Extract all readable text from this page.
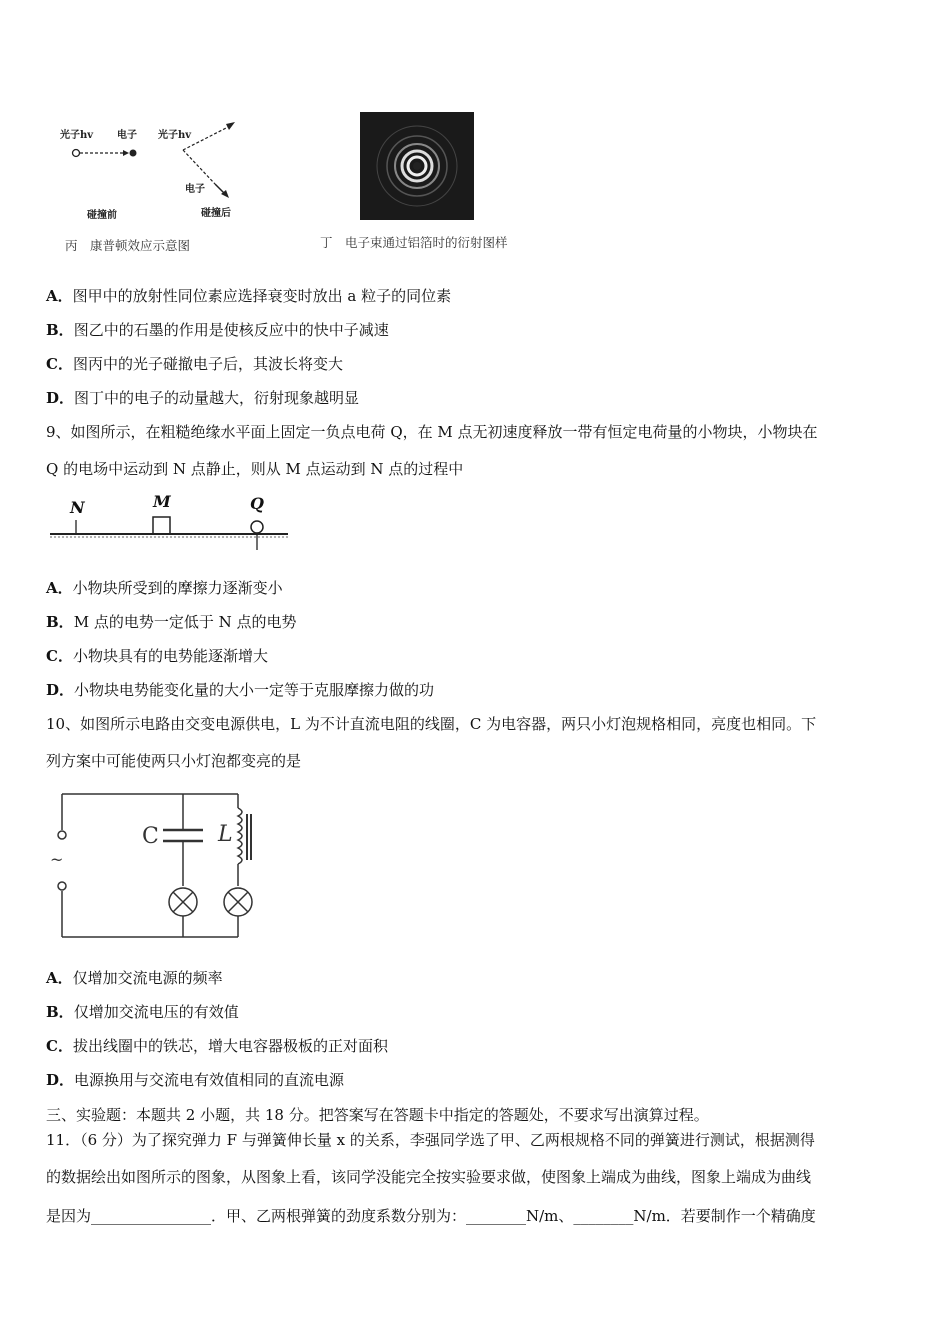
光子hv 电子
碰撞前
光子hv
电子
碰撞后
丙　康普顿效应示意图	丁　电子束通过铝箔时的衍射图样
A．图甲中的放射性同位素应选择衰变时放出 a 粒子的同位素
B．图乙中的石墨的作用是使核反应中的快中子减速
C．图丙中的光子碰撤电子后，其波长将变大
D．图丁中的电子的动量越大，衍射现象越明显
9、如图所示，在粗糙绝缘水平面上固定一负点电荷 Q，在 M 点无初速度释放一带有恒定电荷量的小物块，小物块在
Q 的电场中运动到 N 点静止，则从 M 点运动到 N 点的过程中
N	M	Q
A．小物块所受到的摩擦力逐渐变小
B．M 点的电势一定低于 N 点的电势
C．小物块具有的电势能逐渐增大
D．小物块电势能变化量的大小一定等于克服摩擦力做的功
10、如图所示电路由交变电源供电，L 为不计直流电阻的线圈，C 为电容器，两只小灯泡规格相同，亮度也相同。下
列方案中可能使两只小灯泡都变亮的是
C	L
~
A．仅增加交流电源的频率
B．仅增加交流电压的有效值
C．拔出线圈中的铁芯，增大电容器极板的正对面积
D．电源换用与交流电有效值相同的直流电源
三、实验题：本题共 2 小题，共 18 分。把答案写在答题卡中指定的答题处，不要求写出演算过程。
11．（6 分）为了探究弹力 F 与弹簧伸长量 x 的关系，李强同学选了甲、乙两根规格不同的弹簧进行测试，根据测得
的数据绘出如图所示的图象，从图象上看，该同学没能完全按实验要求做，使图象上端成为曲线，图象上端成为曲线
是因为________________．甲、乙两根弹簧的劲度系数分别为：________N/m、________N/m．若要制作一个精确度
